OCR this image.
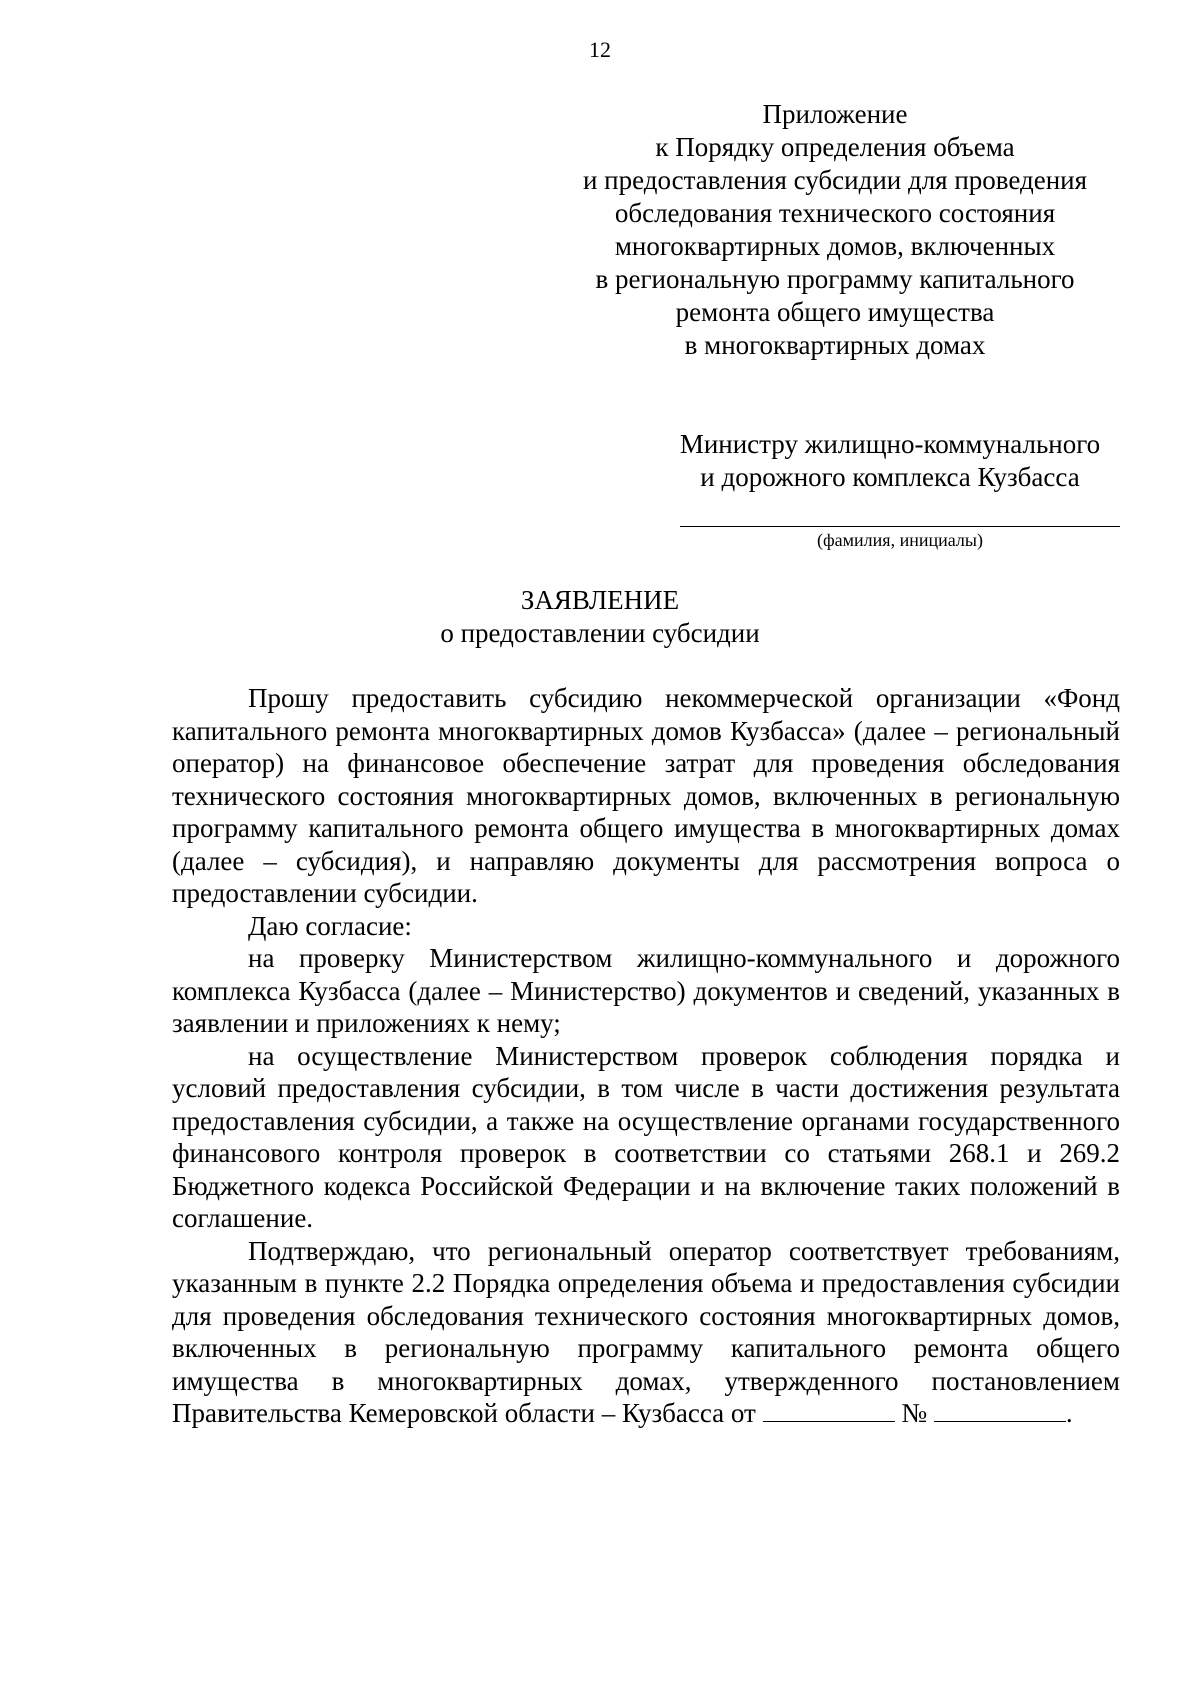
12
Приложение
к Порядку определения объема
и предоставления субсидии для проведения
обследования технического состояния
многоквартирных домов, включенных
в региональную программу капитального
ремонта общего имущества
в многоквартирных домах
Министру жилищно-коммунального
и дорожного комплекса Кузбасса
(фамилия, инициалы)
ЗАЯВЛЕНИЕ
о предоставлении субсидии

Прошу предоставить субсидию некоммерческой организации «Фонд капитального ремонта многоквартирных домов Кузбасса» (далее – региональный оператор) на финансовое обеспечение затрат для проведения обследования технического состояния многоквартирных домов, включенных в региональную программу капитального ремонта общего имущества в многоквартирных домах (далее – субсидия), и направляю документы для рассмотрения вопроса о предоставлении субсидии.

Даю согласие:

на проверку Министерством жилищно-коммунального и дорожного комплекса Кузбасса (далее – Министерство) документов и сведений, указанных в заявлении и приложениях к нему;

на осуществление Министерством проверок соблюдения порядка и условий предоставления субсидии, в том числе в части достижения результата предоставления субсидии, а также на осуществление органами государственного финансового контроля проверок в соответствии со статьями 268.1 и 269.2 Бюджетного кодекса Российской Федерации и на включение таких положений в соглашение.

Подтверждаю, что региональный оператор соответствует требованиям, указанным в пункте 2.2 Порядка определения объема и предоставления субсидии для проведения обследования технического состояния многоквартирных домов, включенных в региональную программу капитального ремонта общего имущества в многоквартирных домах, утвержденного постановлением Правительства Кемеровской области – Кузбасса от	№	.
